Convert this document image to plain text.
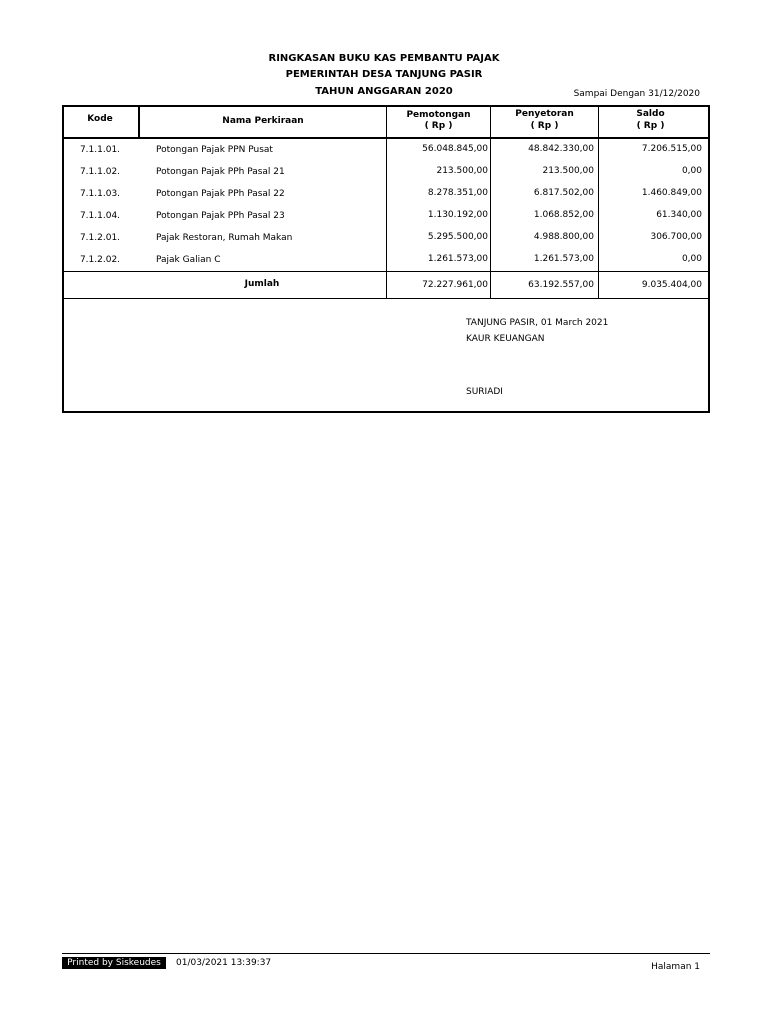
RINGKASAN BUKU KAS PEMBANTU PAJAK
PEMERINTAH DESA TANJUNG PASIR
TAHUN ANGGARAN 2020	Sampai Dengan 31/12/2020
Kode	Nama Perkiraan
Pemotongan
( Rp )
Penyetoran
( Rp )
Saldo
( Rp )
7.1.1.01.	Potongan Pajak PPN Pusat	56.048.845,00	48.842.330,00	7.206.515,00
7.1.1.02.	Potongan Pajak PPh Pasal 21	213.500,00	213.500,00	0,00
7.1.1.03.	Potongan Pajak PPh Pasal 22	8.278.351,00	6.817.502,00	1.460.849,00
7.1.1.04.	Potongan Pajak PPh Pasal 23	1.130.192,00	1.068.852,00	61.340,00
7.1.2.01.	Pajak Restoran, Rumah Makan	5.295.500,00	4.988.800,00	306.700,00
7.1.2.02.	Pajak Galian C	1.261.573,00	1.261.573,00	0,00
Jumlah	72.227.961,00	63.192.557,00	9.035.404,00
TANJUNG PASIR, 01 March 2021
KAUR KEUANGAN
SURIADI
Printed by Siskeudes	01/03/2021 13:39:37	Halaman 1
